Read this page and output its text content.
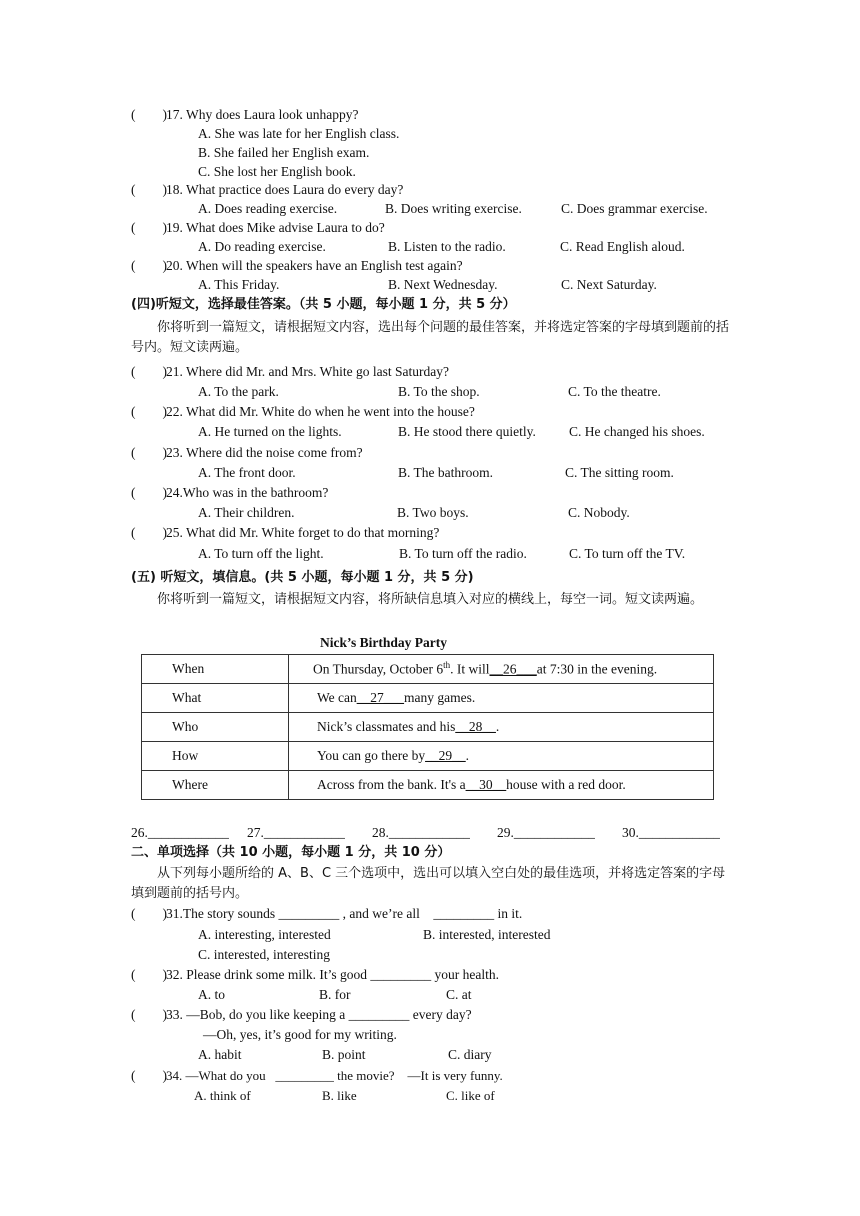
(        ) 17. Why does Laura look unhappy?
A. She was late for her English class.
B. She failed her English exam.
C. She lost her English book.
(        ) 18. What practice does Laura do every day?
A. Does reading exercise.	B. Does writing exercise.	C. Does grammar exercise.
(        ) 19. What does Mike advise Laura to do?
A. Do reading exercise.	B. Listen to the radio.	C. Read English aloud.
(        ) 20. When will the speakers have an English test again?
A. This Friday.	B. Next Wednesday.	C. Next Saturday.
(四)听短文，选择最佳答案。（共 5 小题，每小题 1 分，共 5 分）
你将听到一篇短文，请根据短文内容，选出每个问题的最佳答案，并将选定答案的字母填到题前的括号内。短文读两遍。
(        ) 21. Where did Mr. and Mrs. White go last Saturday?
A. To the park.	B. To the shop.	C. To the theatre.
(        ) 22. What did Mr. White do when he went into the house?
A. He turned on the lights.	B. He stood there quietly. C. He changed his shoes.
(        ) 23. Where did the noise come from?
A. The front door.	B. The bathroom.	C. The sitting room.
(        ) 24.Who was in the bathroom?
A. Their children.	B. Two boys.	C. Nobody.
(        ) 25. What did Mr. White forget to do that morning?
A. To turn off the light.	B. To turn off the radio.	C. To turn off the TV.
(五) 听短文，填信息。(共 5 小题，每小题 1 分，共 5 分)
你将听到一篇短文，请根据短文内容，将所缺信息填入对应的横线上，每空一词。短文读两遍。
Nick’s Birthday Party
When	On Thursday, October 6th. It will__26___at 7:30 in the evening.
What	We can__27___many games.
Who	Nick’s classmates and his__28__.
How	You can go there by__29__.
Where	Across from the bank. It's a__30__house with a red door.
26.____________ 27.____________ 28.____________ 29.____________ 30.____________
二、单项选择（共 10 小题，每小题 1 分，共 10 分）
从下列每小题所给的 A、B、C 三个选项中，选出可以填入空白处的最佳选项，并将选定答案的字母填到题前的括号内。
(        ) 31.The story sounds _________ , and we’re all    _________ in it.
A. interesting, interested	B. interested, interested
C. interested, interesting
(        ) 32. Please drink some milk. It’s good _________ your health.
A. to	B. for	C. at
(        ) 33. —Bob, do you like keeping a _________ every day?
—Oh, yes, it’s good for my writing.
A. habit	B. point	C. diary
(        ) 34. —What do you   _________ the movie?    —It is very funny.
A. think of	B. like	C. like of
